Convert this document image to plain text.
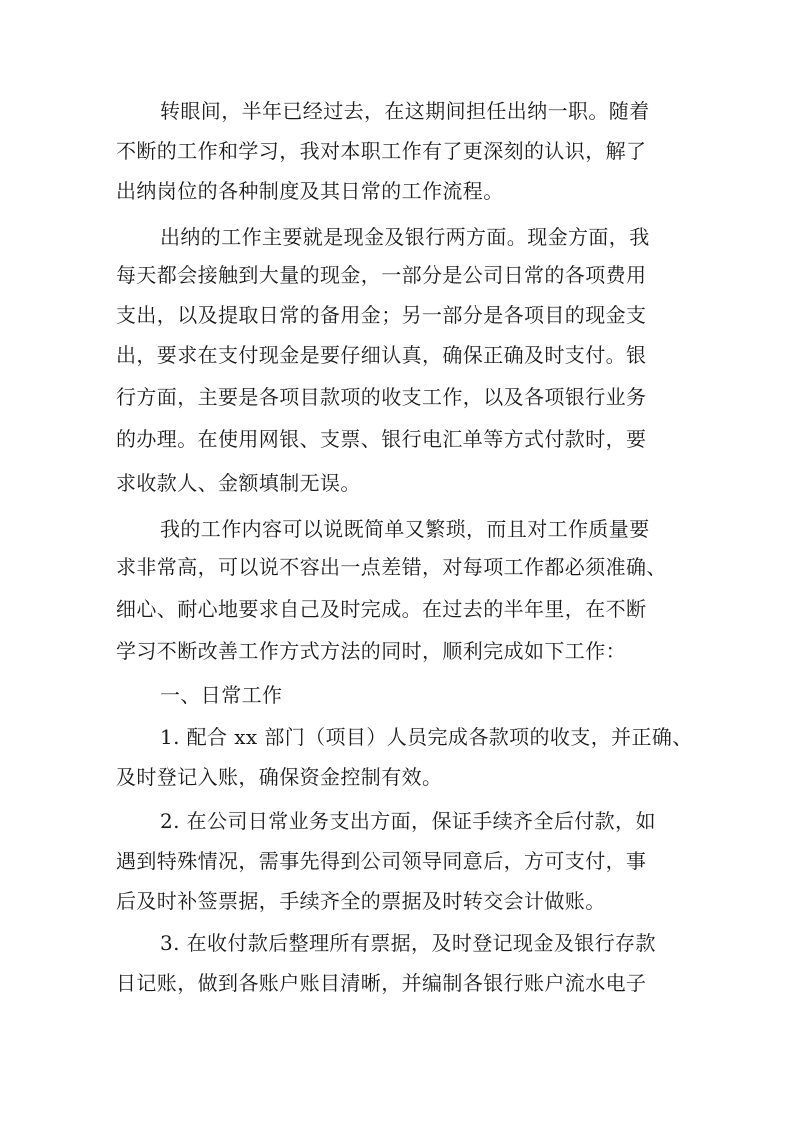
转眼间，半年已经过去，在这期间担任出纳一职。随着
不断的工作和学习，我对本职工作有了更深刻的认识，解了
出纳岗位的各种制度及其日常的工作流程。
出纳的工作主要就是现金及银行两方面。现金方面，我
每天都会接触到大量的现金，一部分是公司日常的各项费用
支出，以及提取日常的备用金；另一部分是各项目的现金支
出，要求在支付现金是要仔细认真，确保正确及时支付。银
行方面，主要是各项目款项的收支工作，以及各项银行业务
的办理。在使用网银、支票、银行电汇单等方式付款时，要
求收款人、金额填制无误。
我的工作内容可以说既简单又繁琐，而且对工作质量要
求非常高，可以说不容出一点差错，对每项工作都必须准确、
细心、耐心地要求自己及时完成。在过去的半年里，在不断
学习不断改善工作方式方法的同时，顺利完成如下工作：
一、日常工作
1. 配合 xx 部门（项目）人员完成各款项的收支，并正确、
及时登记入账，确保资金控制有效。
2. 在公司日常业务支出方面，保证手续齐全后付款，如
遇到特殊情况，需事先得到公司领导同意后，方可支付，事
后及时补签票据，手续齐全的票据及时转交会计做账。
3. 在收付款后整理所有票据，及时登记现金及银行存款
日记账，做到各账户账目清晰，并编制各银行账户流水电子
